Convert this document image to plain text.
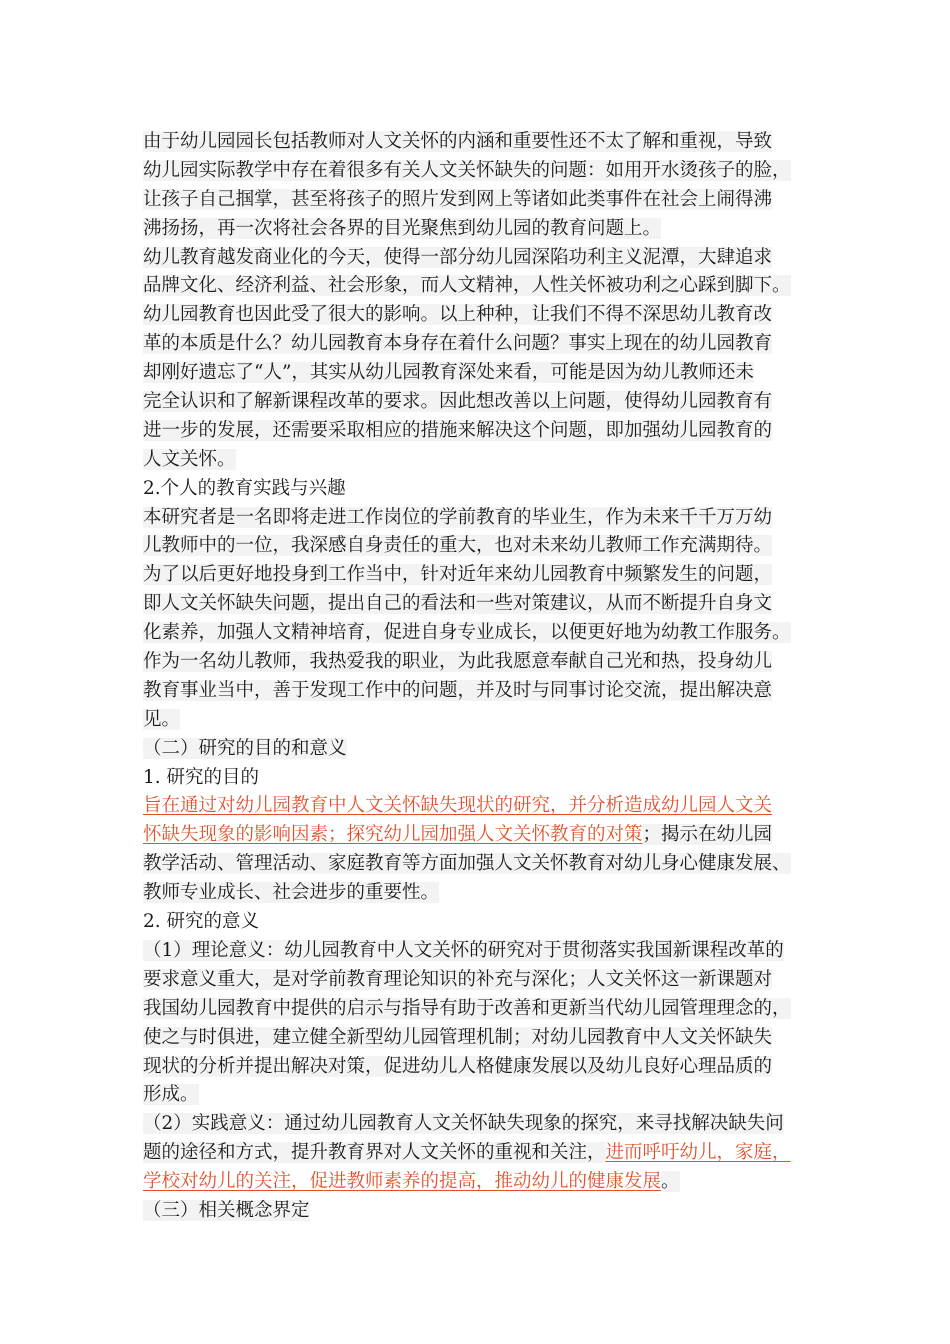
由于幼儿园园长包括教师对人文关怀的内涵和重要性还不太了解和重视，导致
幼儿园实际教学中存在着很多有关人文关怀缺失的问题：如用开水烫孩子的脸，
让孩子自己掴掌，甚至将孩子的照片发到网上等诸如此类事件在社会上闹得沸
沸扬扬，再一次将社会各界的目光聚焦到幼儿园的教育问题上。
幼儿教育越发商业化的今天，使得一部分幼儿园深陷功利主义泥潭，大肆追求
品牌文化、经济利益、社会形象，而人文精神，人性关怀被功利之心踩到脚下。
幼儿园教育也因此受了很大的影响。以上种种，让我们不得不深思幼儿教育改
革的本质是什么？幼儿园教育本身存在着什么问题？事实上现在的幼儿园教育
却刚好遗忘了“人”，其实从幼儿园教育深处来看，可能是因为幼儿教师还未
完全认识和了解新课程改革的要求。因此想改善以上问题，使得幼儿园教育有
进一步的发展，还需要采取相应的措施来解决这个问题，即加强幼儿园教育的
人文关怀。
2.个人的教育实践与兴趣
本研究者是一名即将走进工作岗位的学前教育的毕业生，作为未来千千万万幼
儿教师中的一位，我深感自身责任的重大，也对未来幼儿教师工作充满期待。
为了以后更好地投身到工作当中，针对近年来幼儿园教育中频繁发生的问题，
即人文关怀缺失问题，提出自己的看法和一些对策建议，从而不断提升自身文
化素养，加强人文精神培育，促进自身专业成长，以便更好地为幼教工作服务。
作为一名幼儿教师，我热爱我的职业，为此我愿意奉献自己光和热，投身幼儿
教育事业当中，善于发现工作中的问题，并及时与同事讨论交流，提出解决意
见。
（二）研究的目的和意义
1. 研究的目的
旨在通过对幼儿园教育中人文关怀缺失现状的研究，并分析造成幼儿园人文关
怀缺失现象的影响因素；探究幼儿园加强人文关怀教育的对策；揭示在幼儿园
教学活动、管理活动、家庭教育等方面加强人文关怀教育对幼儿身心健康发展、
教师专业成长、社会进步的重要性。
2. 研究的意义
（1）理论意义：幼儿园教育中人文关怀的研究对于贯彻落实我国新课程改革的
要求意义重大，是对学前教育理论知识的补充与深化；人文关怀这一新课题对
我国幼儿园教育中提供的启示与指导有助于改善和更新当代幼儿园管理理念的，
使之与时俱进，建立健全新型幼儿园管理机制；对幼儿园教育中人文关怀缺失
现状的分析并提出解决对策，促进幼儿人格健康发展以及幼儿良好心理品质的
形成。
（2）实践意义：通过幼儿园教育人文关怀缺失现象的探究，来寻找解决缺失问
题的途径和方式，提升教育界对人文关怀的重视和关注，进而呼吁幼儿，家庭，
学校对幼儿的关注，促进教师素养的提高，推动幼儿的健康发展。
（三）相关概念界定
